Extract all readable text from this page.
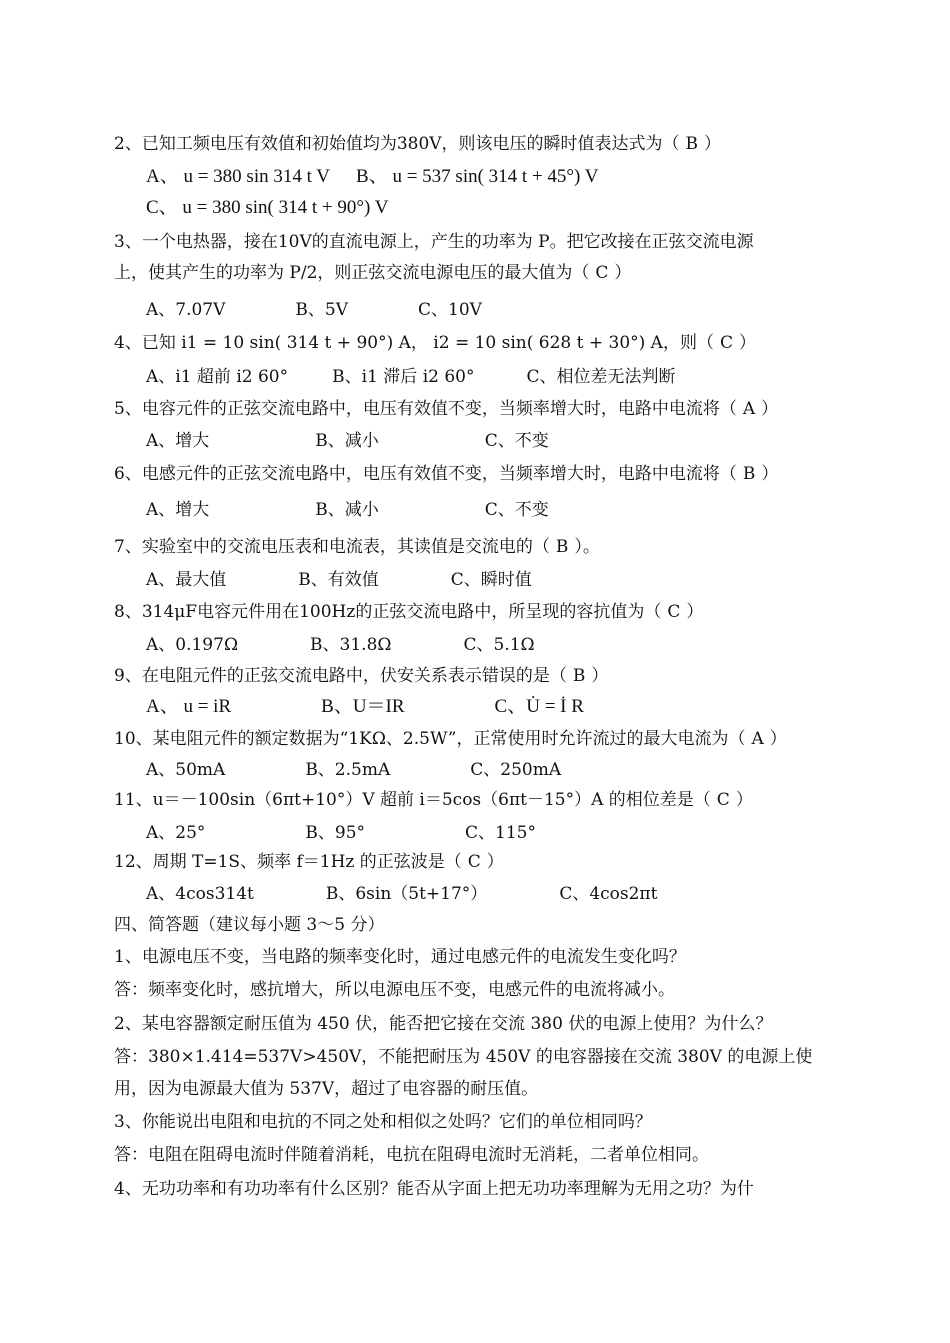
2、已知工频电压有效值和初始值均为380V，则该电压的瞬时值表达式为（ B ）
A、 u = 380 sin 314 t V B、 u = 537 sin( 314 t + 45°) V
C、 u = 380 sin( 314 t + 90°) V
3、一个电热器，接在10V的直流电源上，产生的功率为 P。把它改接在正弦交流电源
上，使其产生的功率为 P/2，则正弦交流电源电压的最大值为（ C ）
A、7.07V	B、5V	C、10V
4、已知 i1 = 10 sin( 314 t + 90°) A， i2 = 10 sin( 628 t + 30°) A，则（ C ）
A、i1 超前 i2 60°	B、i1 滞后 i2 60°	C、相位差无法判断
5、电容元件的正弦交流电路中，电压有效值不变，当频率增大时，电路中电流将（ A ）
A、增大	B、减小	C、不变
6、电感元件的正弦交流电路中，电压有效值不变，当频率增大时，电路中电流将（ B ）
A、增大	B、减小	C、不变
7、实验室中的交流电压表和电流表，其读值是交流电的（ B ）。
A、最大值	B、有效值	C、瞬时值
8、314μF电容元件用在100Hz的正弦交流电路中，所呈现的容抗值为（ C ）
A、0.197Ω	B、31.8Ω	C、5.1Ω
9、在电阻元件的正弦交流电路中，伏安关系表示错误的是（ B ）
A、 u = iR	B、U＝IR	C、U̇ = İ R
10、某电阻元件的额定数据为“1KΩ、2.5W”，正常使用时允许流过的最大电流为（ A ）
A、50mA	B、2.5mA	C、250mA
11、u＝－100sin（6πt+10°）V 超前 i＝5cos（6πt－15°）A 的相位差是（ C ）
A、25°	B、95°	C、115°
12、周期 T=1S、频率 f＝1Hz 的正弦波是（ C ）
A、4cos314t	B、6sin（5t+17°）	C、4cos2πt
四、简答题（建议每小题 3～5 分）
1、电源电压不变，当电路的频率变化时，通过电感元件的电流发生变化吗？
答：频率变化时，感抗增大，所以电源电压不变，电感元件的电流将减小。
2、某电容器额定耐压值为 450 伏，能否把它接在交流 380 伏的电源上使用？为什么？
答：380×1.414=537V>450V，不能把耐压为 450V 的电容器接在交流 380V 的电源上使
用，因为电源最大值为 537V，超过了电容器的耐压值。
3、你能说出电阻和电抗的不同之处和相似之处吗？它们的单位相同吗？
答：电阻在阻碍电流时伴随着消耗，电抗在阻碍电流时无消耗，二者单位相同。
4、无功功率和有功功率有什么区别？能否从字面上把无功功率理解为无用之功？为什
